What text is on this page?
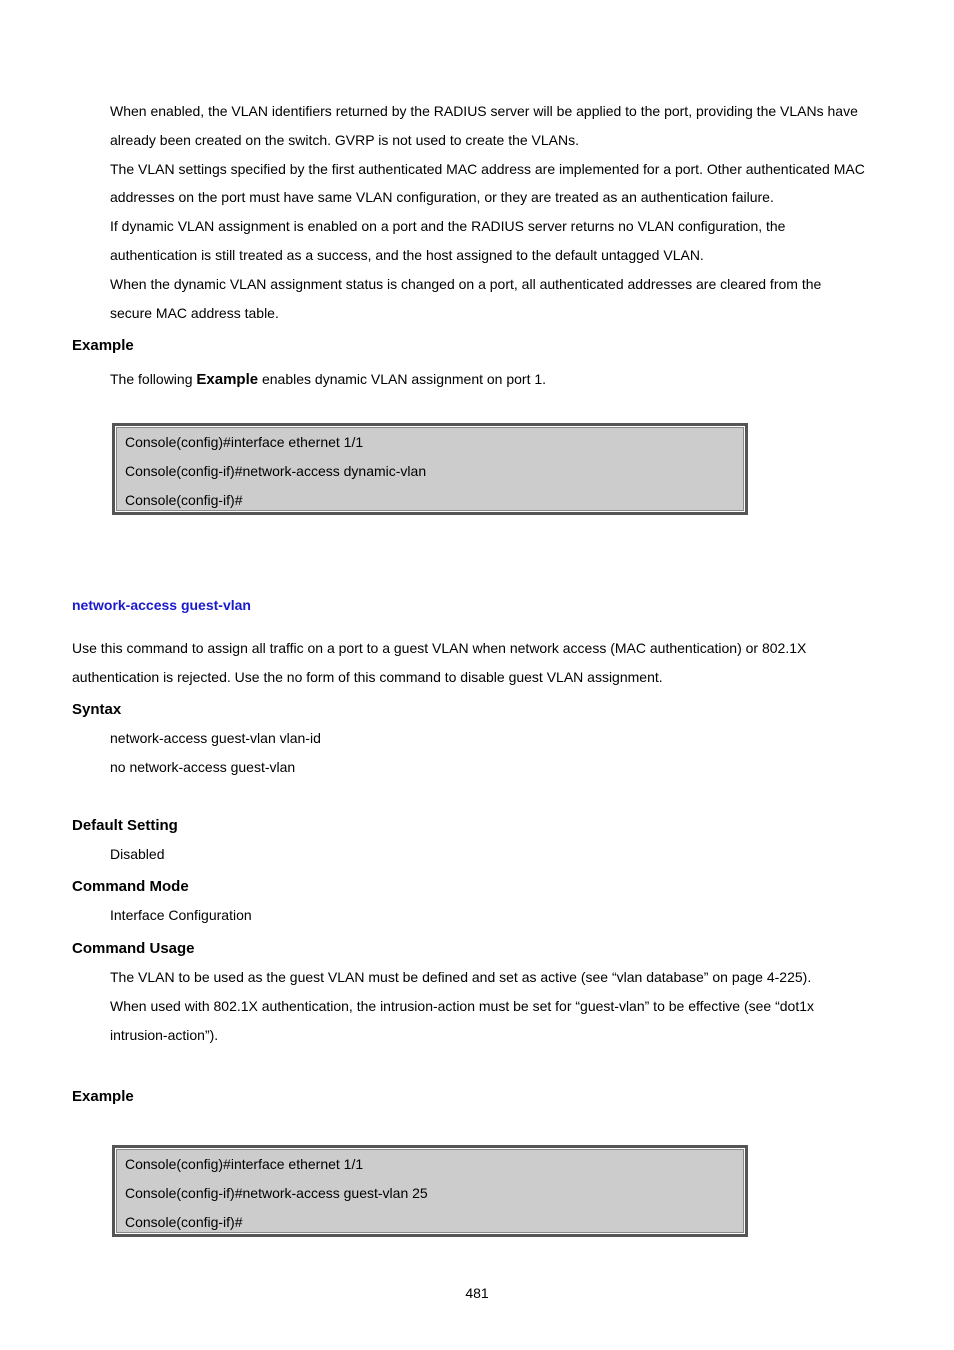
When enabled, the VLAN identifiers returned by the RADIUS server will be applied to the port, providing the VLANs have
already been created on the switch. GVRP is not used to create the VLANs.
The VLAN settings specified by the first authenticated MAC address are implemented for a port. Other authenticated MAC
addresses on the port must have same VLAN configuration, or they are treated as an authentication failure.
If dynamic VLAN assignment is enabled on a port and the RADIUS server returns no VLAN configuration, the
authentication is still treated as a success, and the host assigned to the default untagged VLAN.
When the dynamic VLAN assignment status is changed on a port, all authenticated addresses are cleared from the
secure MAC address table.
Example
The following Example enables dynamic VLAN assignment on port 1.
Console(config)#interface ethernet 1/1
Console(config-if)#network-access dynamic-vlan
Console(config-if)#
network-access guest-vlan
Use this command to assign all traffic on a port to a guest VLAN when network access (MAC authentication) or 802.1X
authentication is rejected. Use the no form of this command to disable guest VLAN assignment.
Syntax
network-access guest-vlan vlan-id
no network-access guest-vlan
Default Setting
Disabled
Command Mode
Interface Configuration
Command Usage
The VLAN to be used as the guest VLAN must be defined and set as active (see “vlan database” on page 4-225).
When used with 802.1X authentication, the intrusion-action must be set for “guest-vlan” to be effective (see “dot1x
intrusion-action”).
Example
Console(config)#interface ethernet 1/1
Console(config-if)#network-access guest-vlan 25
Console(config-if)#
481
